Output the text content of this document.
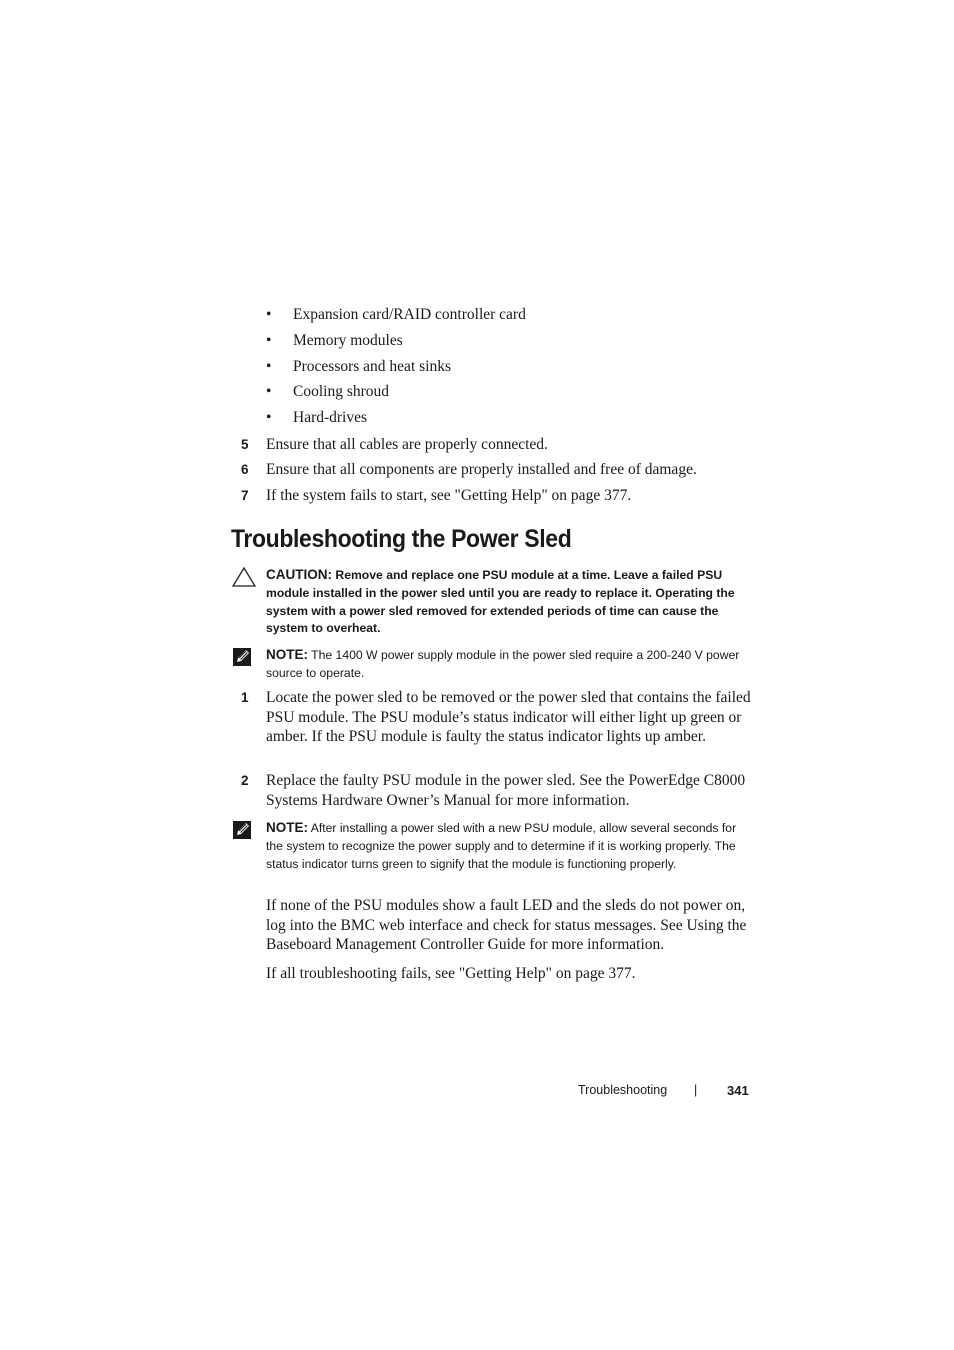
• Expansion card/RAID controller card
• Memory modules
• Processors and heat sinks
• Cooling shroud
• Hard-drives
5 Ensure that all cables are properly connected.
6 Ensure that all components are properly installed and free of damage.
7 If the system fails to start, see "Getting Help" on page 377.
Troubleshooting the Power Sled
CAUTION: Remove and replace one PSU module at a time. Leave a failed PSU module installed in the power sled until you are ready to replace it. Operating the system with a power sled removed for extended periods of time can cause the system to overheat.
NOTE: The 1400 W power supply module in the power sled require a 200-240 V power source to operate.
1 Locate the power sled to be removed or the power sled that contains the failed PSU module. The PSU module’s status indicator will either light up green or amber. If the PSU module is faulty the status indicator lights up amber.
2 Replace the faulty PSU module in the power sled. See the PowerEdge C8000 Systems Hardware Owner’s Manual for more information.
NOTE: After installing a power sled with a new PSU module, allow several seconds for the system to recognize the power supply and to determine if it is working properly. The status indicator turns green to signify that the module is functioning properly.

If none of the PSU modules show a fault LED and the sleds do not power on, log into the BMC web interface and check for status messages. See Using the Baseboard Management Controller Guide for more information.

If all troubleshooting fails, see "Getting Help" on page 377.

Troubleshooting | 341
